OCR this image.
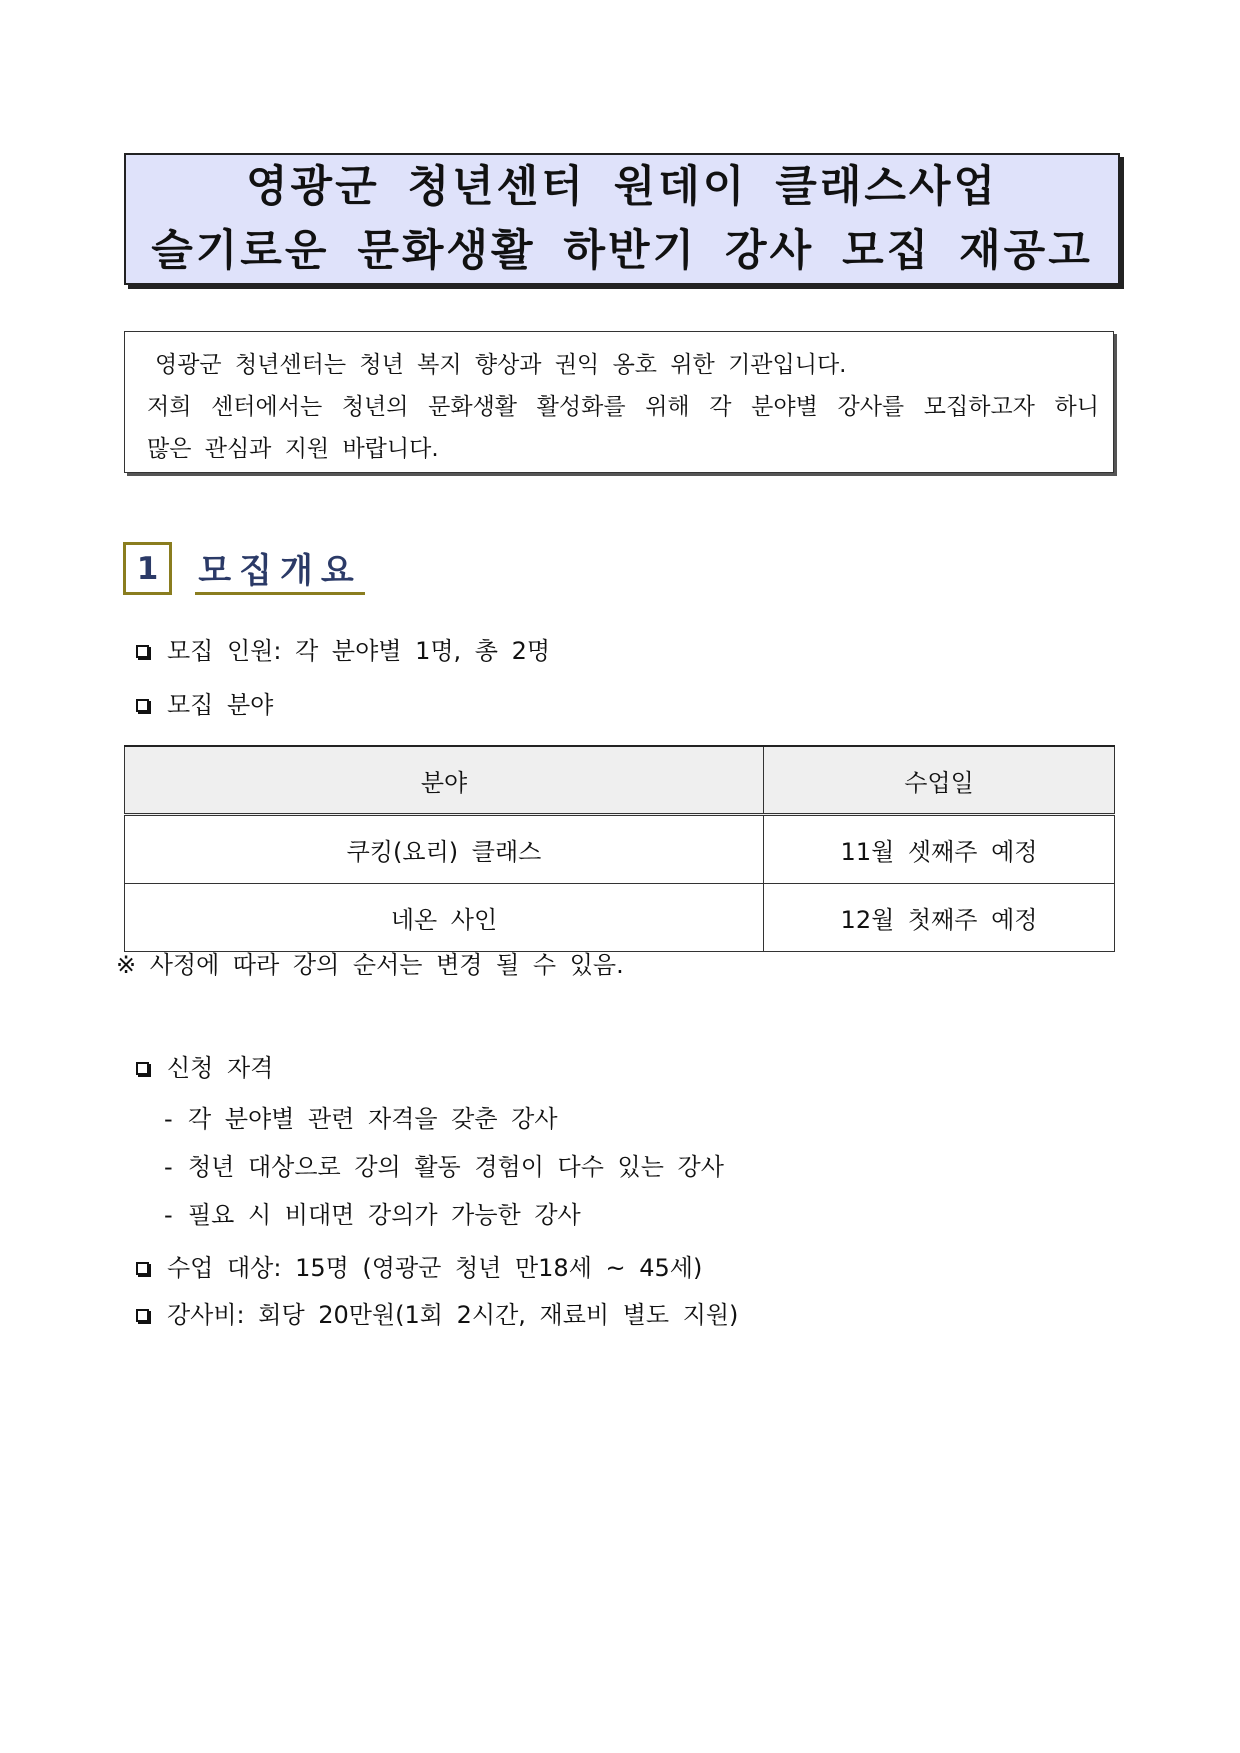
영광군 청년센터 원데이 클래스사업
슬기로운 문화생활 하반기 강사 모집 재공고
영광군 청년센터는 청년 복지 향상과 권익 옹호 위한 기관입니다.
저희 센터에서는 청년의 문화생활 활성화를 위해 각 분야별 강사를 모집하고자 하니
많은 관심과 지원 바랍니다.
1	모집개요
모집 인원: 각 분야별 1명, 총 2명
모집 분야
분야	수업일
쿠킹(요리) 클래스	11월 셋째주 예정
네온 사인	12월 첫째주 예정
※ 사정에 따라 강의 순서는 변경 될 수 있음.
신청 자격
- 각 분야별 관련 자격을 갖춘 강사
- 청년 대상으로 강의 활동 경험이 다수 있는 강사
- 필요 시 비대면 강의가 가능한 강사
수업 대상: 15명 (영광군 청년 만18세 ~ 45세)
강사비: 회당 20만원(1회 2시간, 재료비 별도 지원)
